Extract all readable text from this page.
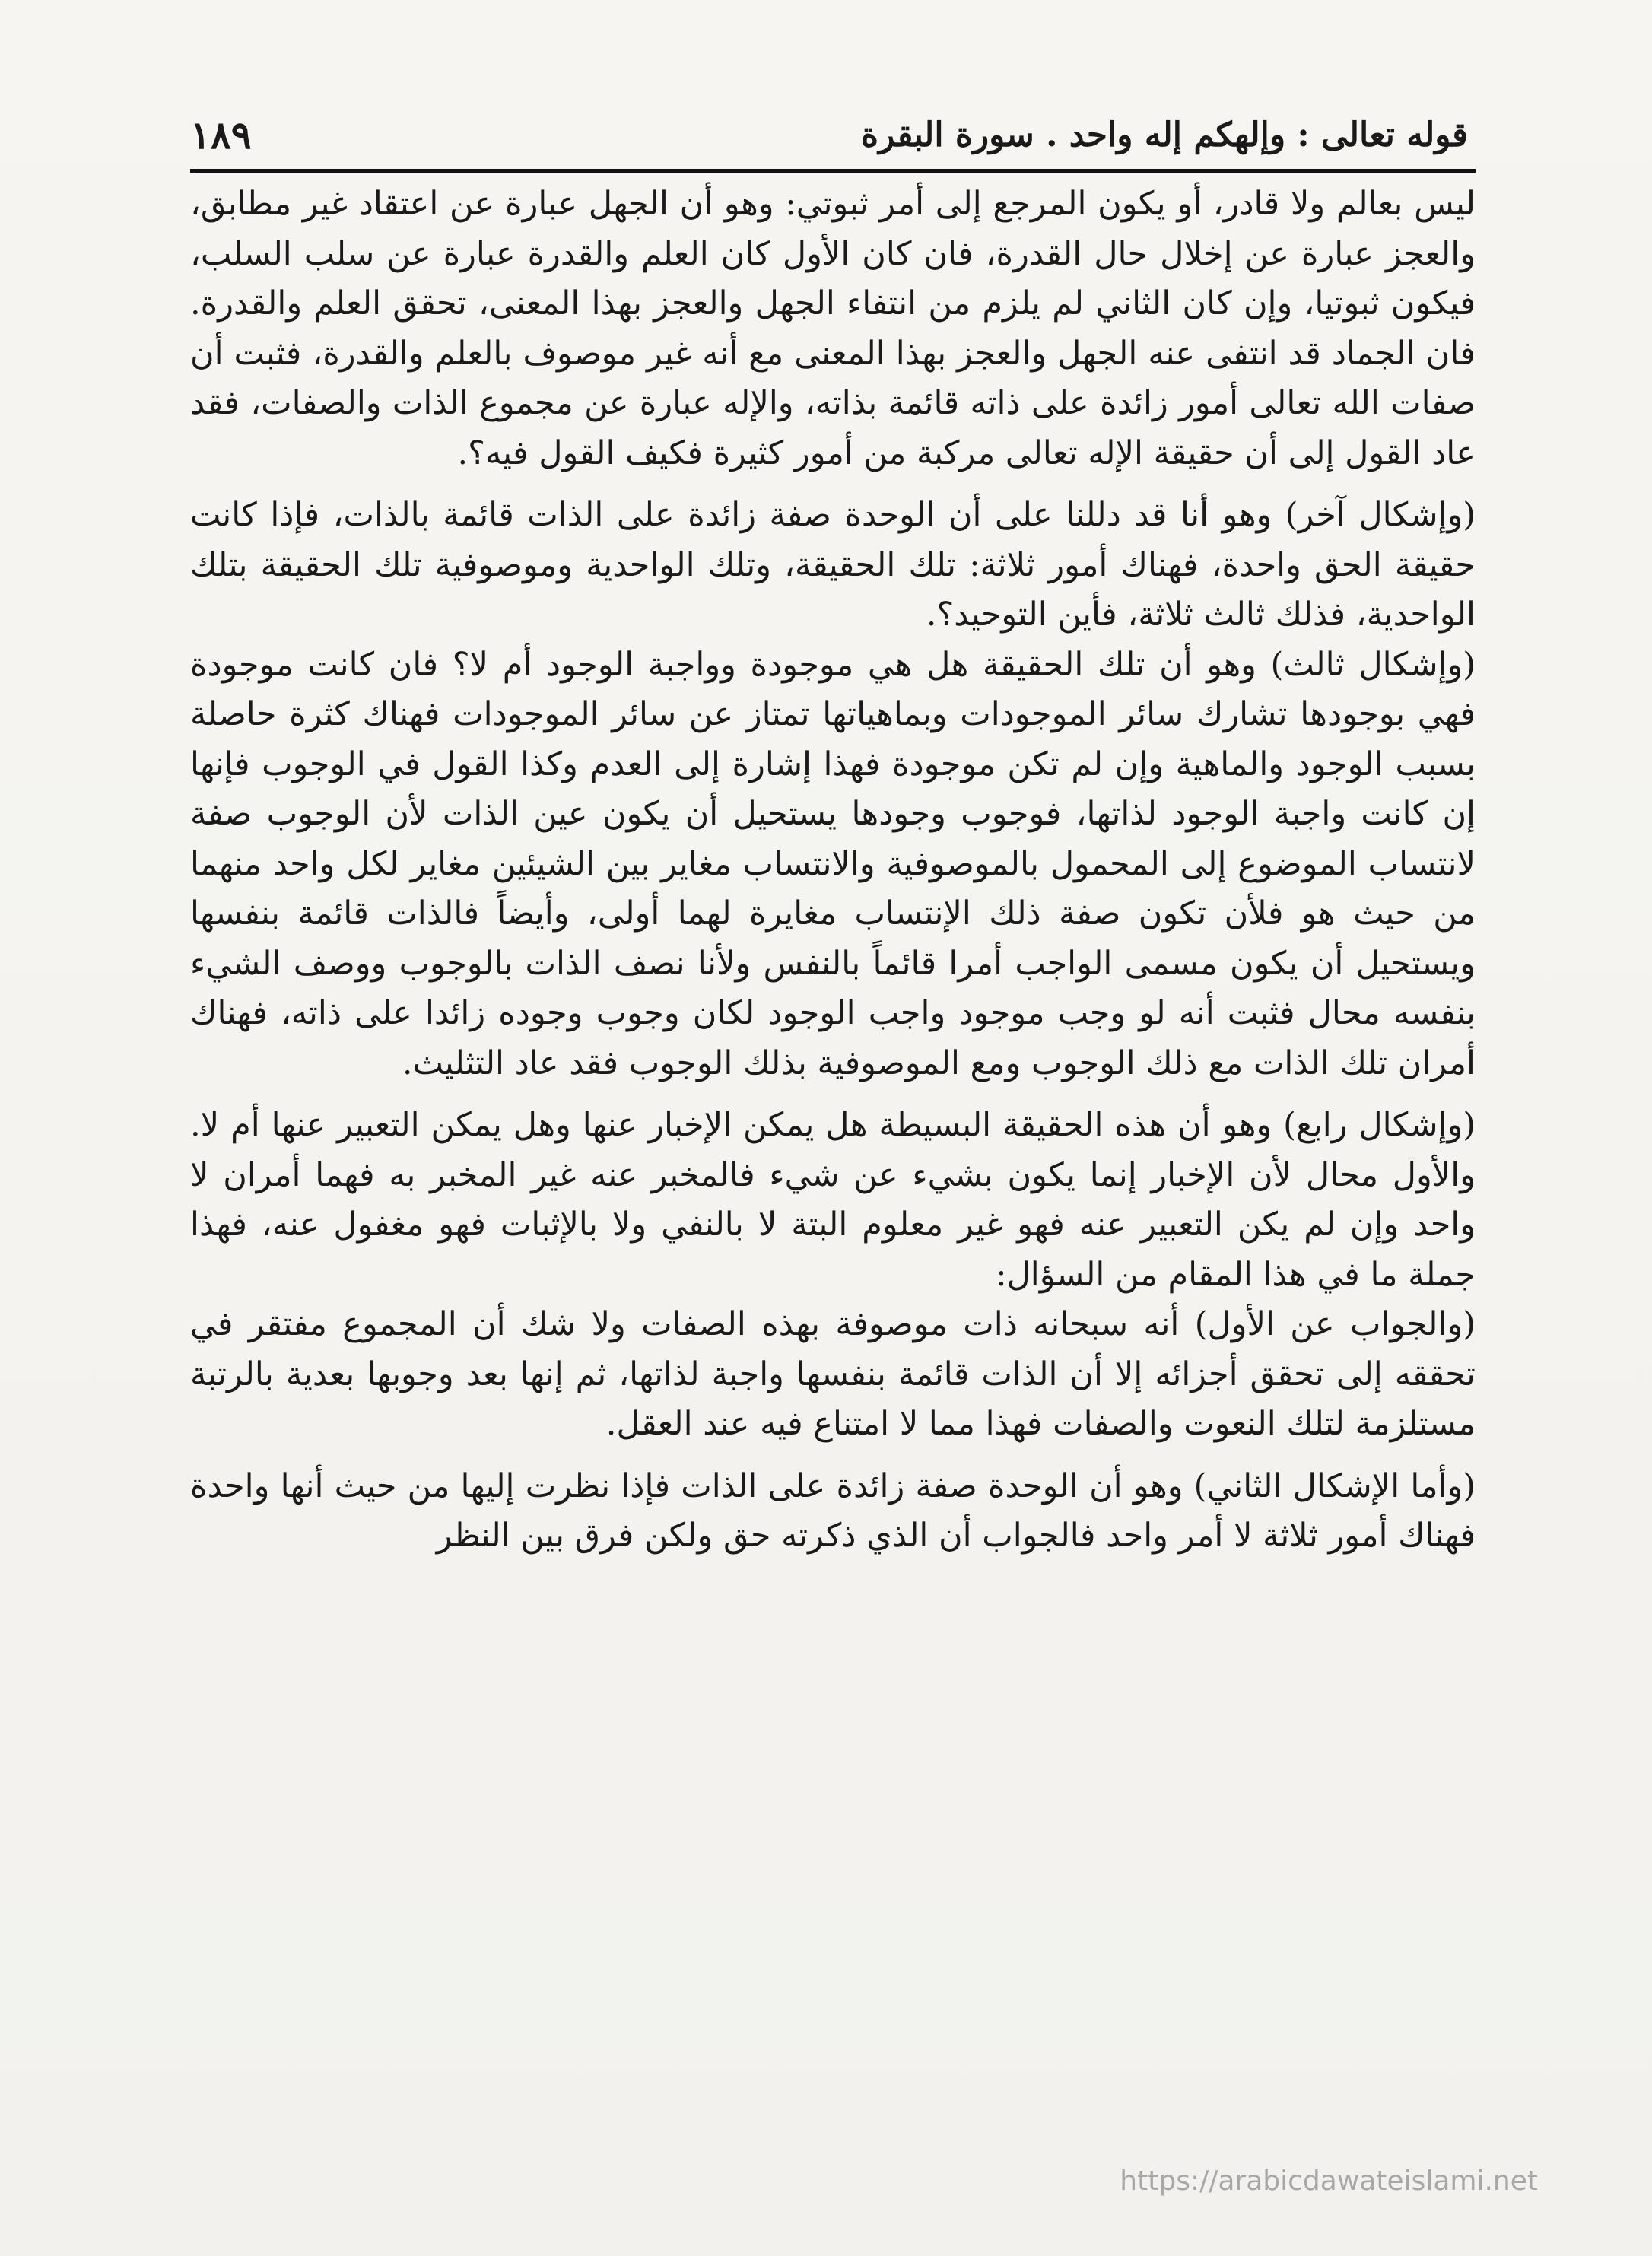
قوله تعالى : وإلهكم إله واحد . سورة البقرة
١٨٩

ليس بعالم ولا قادر، أو يكون المرجع إلى أمر ثبوتي: وهو أن الجهل عبارة عن اعتقاد غير مطابق، والعجز عبارة عن إخلال حال القدرة، فان كان الأول كان العلم والقدرة عبارة عن سلب السلب، فيكون ثبوتيا، وإن كان الثاني لم يلزم من انتفاء الجهل والعجز بهذا المعنى، تحقق العلم والقدرة. فان الجماد قد انتفى عنه الجهل والعجز بهذا المعنى مع أنه غير موصوف بالعلم والقدرة، فثبت أن صفات الله تعالى أمور زائدة على ذاته قائمة بذاته، والإله عبارة عن مجموع الذات والصفات، فقد عاد القول إلى أن حقيقة الإله تعالى مركبة من أمور كثيرة فكيف القول فيه؟.

(وإشكال آخر) وهو أنا قد دللنا على أن الوحدة صفة زائدة على الذات قائمة بالذات، فإذا كانت حقيقة الحق واحدة، فهناك أمور ثلاثة: تلك الحقيقة، وتلك الواحدية وموصوفية تلك الحقيقة بتلك الواحدية، فذلك ثالث ثلاثة، فأين التوحيد؟.

(وإشكال ثالث) وهو أن تلك الحقيقة هل هي موجودة وواجبة الوجود أم لا؟ فان كانت موجودة فهي بوجودها تشارك سائر الموجودات وبماهياتها تمتاز عن سائر الموجودات فهناك كثرة حاصلة بسبب الوجود والماهية وإن لم تكن موجودة فهذا إشارة إلى العدم وكذا القول في الوجوب فإنها إن كانت واجبة الوجود لذاتها، فوجوب وجودها يستحيل أن يكون عين الذات لأن الوجوب صفة لانتساب الموضوع إلى المحمول بالموصوفية والانتساب مغاير بين الشيئين مغاير لكل واحد منهما من حيث هو فلأن تكون صفة ذلك الإنتساب مغايرة لهما أولى، وأيضاً فالذات قائمة بنفسها ويستحيل أن يكون مسمى الواجب أمرا قائماً بالنفس ولأنا نصف الذات بالوجوب ووصف الشيء بنفسه محال فثبت أنه لو وجب موجود واجب الوجود لكان وجوب وجوده زائدا على ذاته، فهناك أمران تلك الذات مع ذلك الوجوب ومع الموصوفية بذلك الوجوب فقد عاد التثليث.

(وإشكال رابع) وهو أن هذه الحقيقة البسيطة هل يمكن الإخبار عنها وهل يمكن التعبير عنها أم لا. والأول محال لأن الإخبار إنما يكون بشيء عن شيء فالمخبر عنه غير المخبر به فهما أمران لا واحد وإن لم يكن التعبير عنه فهو غير معلوم البتة لا بالنفي ولا بالإثبات فهو مغفول عنه، فهذا جملة ما في هذا المقام من السؤال:

(والجواب عن الأول) أنه سبحانه ذات موصوفة بهذه الصفات ولا شك أن المجموع مفتقر في تحققه إلى تحقق أجزائه إلا أن الذات قائمة بنفسها واجبة لذاتها، ثم إنها بعد وجوبها بعدية بالرتبة مستلزمة لتلك النعوت والصفات فهذا مما لا امتناع فيه عند العقل.

(وأما الإشكال الثاني) وهو أن الوحدة صفة زائدة على الذات فإذا نظرت إليها من حيث أنها واحدة فهناك أمور ثلاثة لا أمر واحد فالجواب أن الذي ذكرته حق ولكن فرق بين النظر

https://arabicdawateislami.net
